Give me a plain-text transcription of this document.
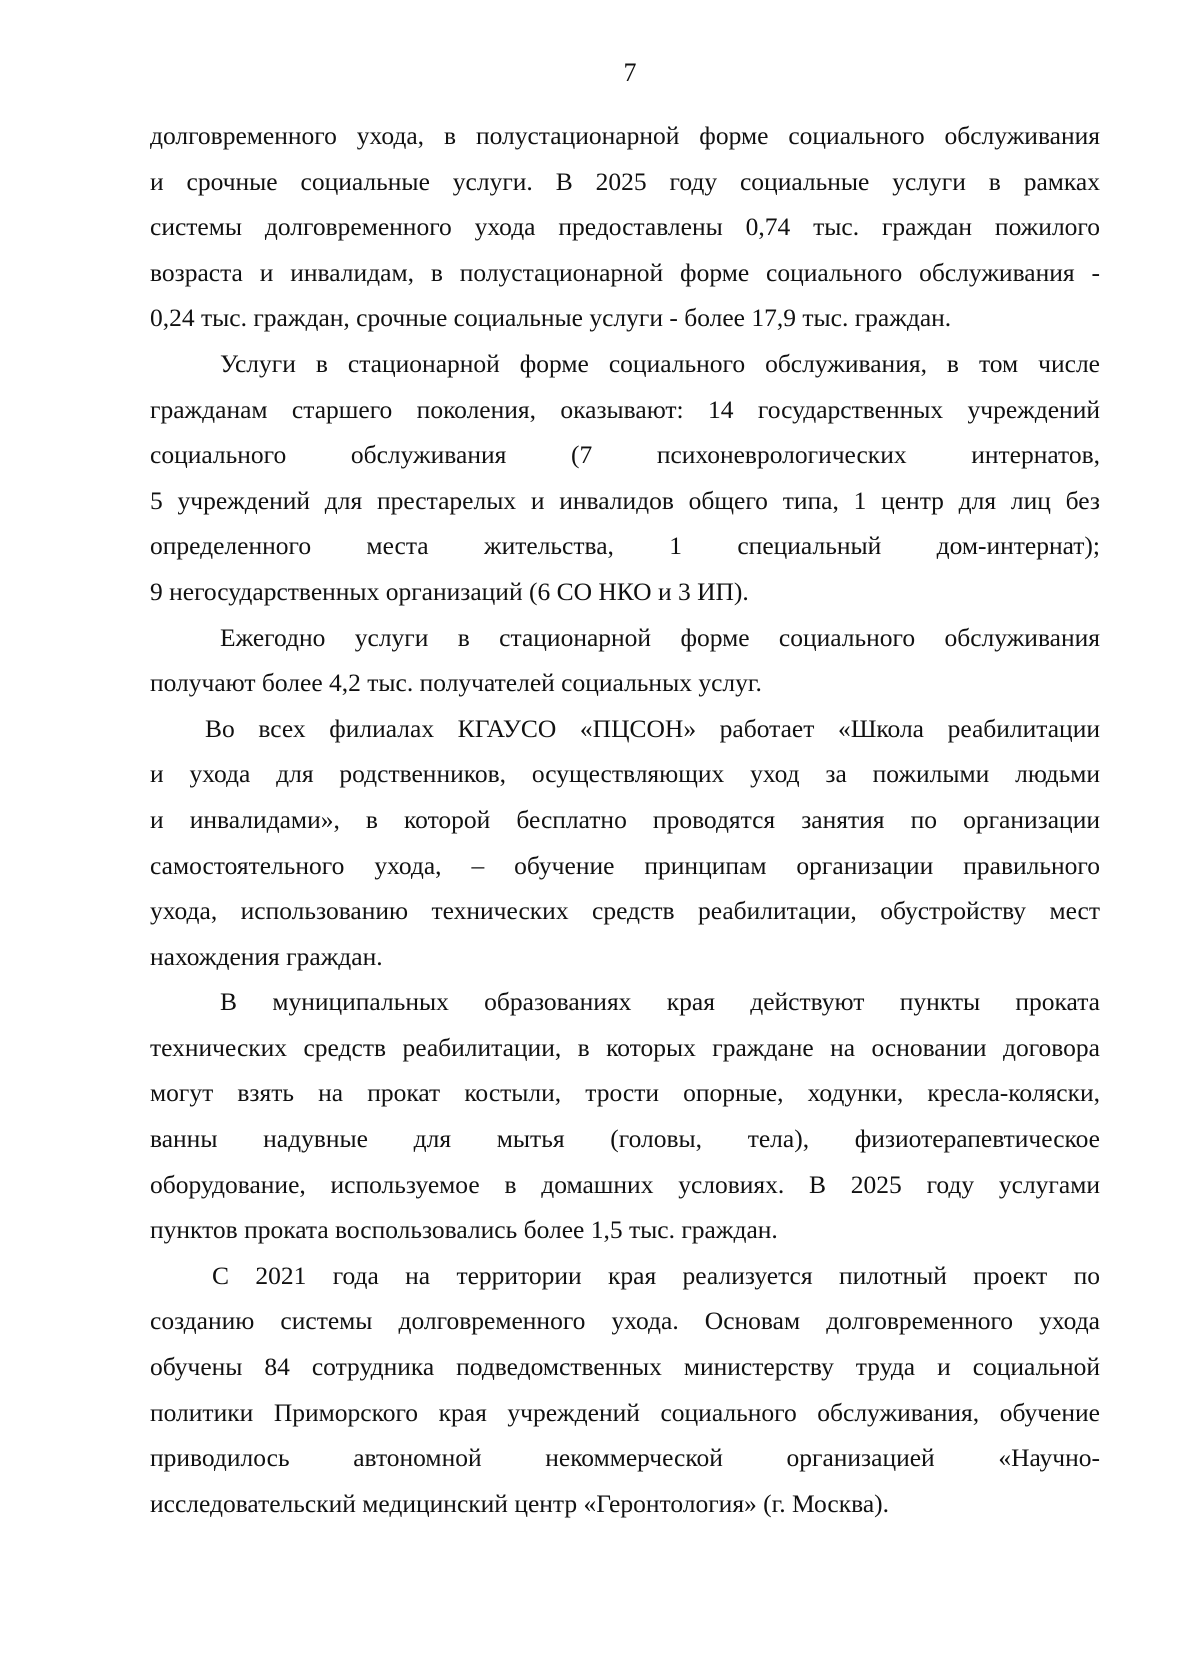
7
долговременного ухода, в полустационарной форме социального обслуживания
и срочные социальные услуги. В 2025 году социальные услуги в рамках
системы долговременного ухода предоставлены 0,74 тыс. граждан пожилого
возраста и инвалидам, в полустационарной форме социального обслуживания -
0,24 тыс. граждан, срочные социальные услуги - более 17,9 тыс. граждан.
Услуги в стационарной форме социального обслуживания, в том числе
гражданам старшего поколения, оказывают: 14 государственных учреждений
социального обслуживания (7 психоневрологических интернатов,
5 учреждений для престарелых и инвалидов общего типа, 1 центр для лиц без
определенного места жительства, 1 специальный дом-интернат);
9 негосударственных организаций (6 СО НКО и 3 ИП).
Ежегодно услуги в стационарной форме социального обслуживания
получают более 4,2 тыс. получателей социальных услуг.
Во всех филиалах КГАУСО «ПЦСОН» работает «Школа реабилитации
и ухода для родственников, осуществляющих уход за пожилыми людьми
и инвалидами», в которой бесплатно проводятся занятия по организации
самостоятельного ухода, – обучение принципам организации правильного
ухода, использованию технических средств реабилитации, обустройству мест
нахождения граждан.
В муниципальных образованиях края действуют пункты проката
технических средств реабилитации, в которых граждане на основании договора
могут взять на прокат костыли, трости опорные, ходунки, кресла-коляски,
ванны надувные для мытья (головы, тела), физиотерапевтическое
оборудование, используемое в домашних условиях. В 2025 году услугами
пунктов проката воспользовались более 1,5 тыс. граждан.
С 2021 года на территории края реализуется пилотный проект по
созданию системы долговременного ухода. Основам долговременного ухода
обучены 84 сотрудника подведомственных министерству труда и социальной
политики Приморского края учреждений социального обслуживания, обучение
приводилось автономной некоммерческой организацией «Научно-
исследовательский медицинский центр «Геронтология» (г. Москва).
